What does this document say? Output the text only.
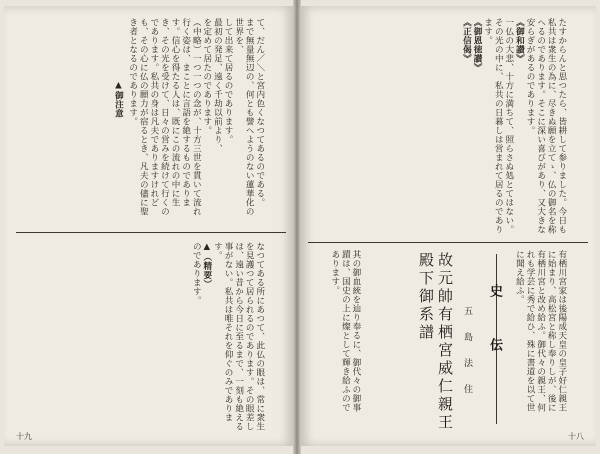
て、だん／＼と宮内色くなつてあるのである。
まで無量無辺の、何とも譬へようのない蓮華化の世界を、
して出来て居るのであります。
最初の発足、遠く千劫以前より、
を定めて居たのであります。
（中略）一つ一つの念が、十方三世を貫いて流れ行く姿は、まことに言語を絶するものであります。信心を得たる人は、既にこの流れの中に生き、その光を受けて、日々の営みを続けて行くのであります。私共の身は凡夫でありますけれども、その心に仏の願力が宿るとき、凡夫の儘に聖き者となるのであります。

▲御注意

なつてある所にあつて、此仏の眼は、常に衆生を見護つて居られるのであります。その眼差しは、遠い昔から今日に至るまで、一刻も絶える事がない。私共は唯それを仰ぐのみであります。
▲（精要）
のであります。

十九

たすからんと思つたら、皆耕して参りました。今日も私共は衆生の為に、尽きぬ願を立てゝ、仏の御名を称へるのであります。そこに深い喜びがあり、又大きな安らぎがあるのであります。
《御和讃》
一仏の大悲、十方に満ちて、照らさぬ処とてはない。その光の中に、私共の日暮しは営まれて居るのであります。
《御恩徳讃》
《正信偈》

有栖川宮家は後陽成天皇の皇子好仁親王に始まり、高松宮と称し奉りしが、後に有栖川宮と改め給ふ。御代々の親王、何れも学芸に秀で給ひ、殊に書道を以て世に聞え給ふ。

故元帥有栖宮威仁親王殿下御系譜
五　島　法　住 史　伝

其の御血統を辿り奉るに、御代々の御事蹟は、国史の上に燦として輝き給ふのであります。

十八
